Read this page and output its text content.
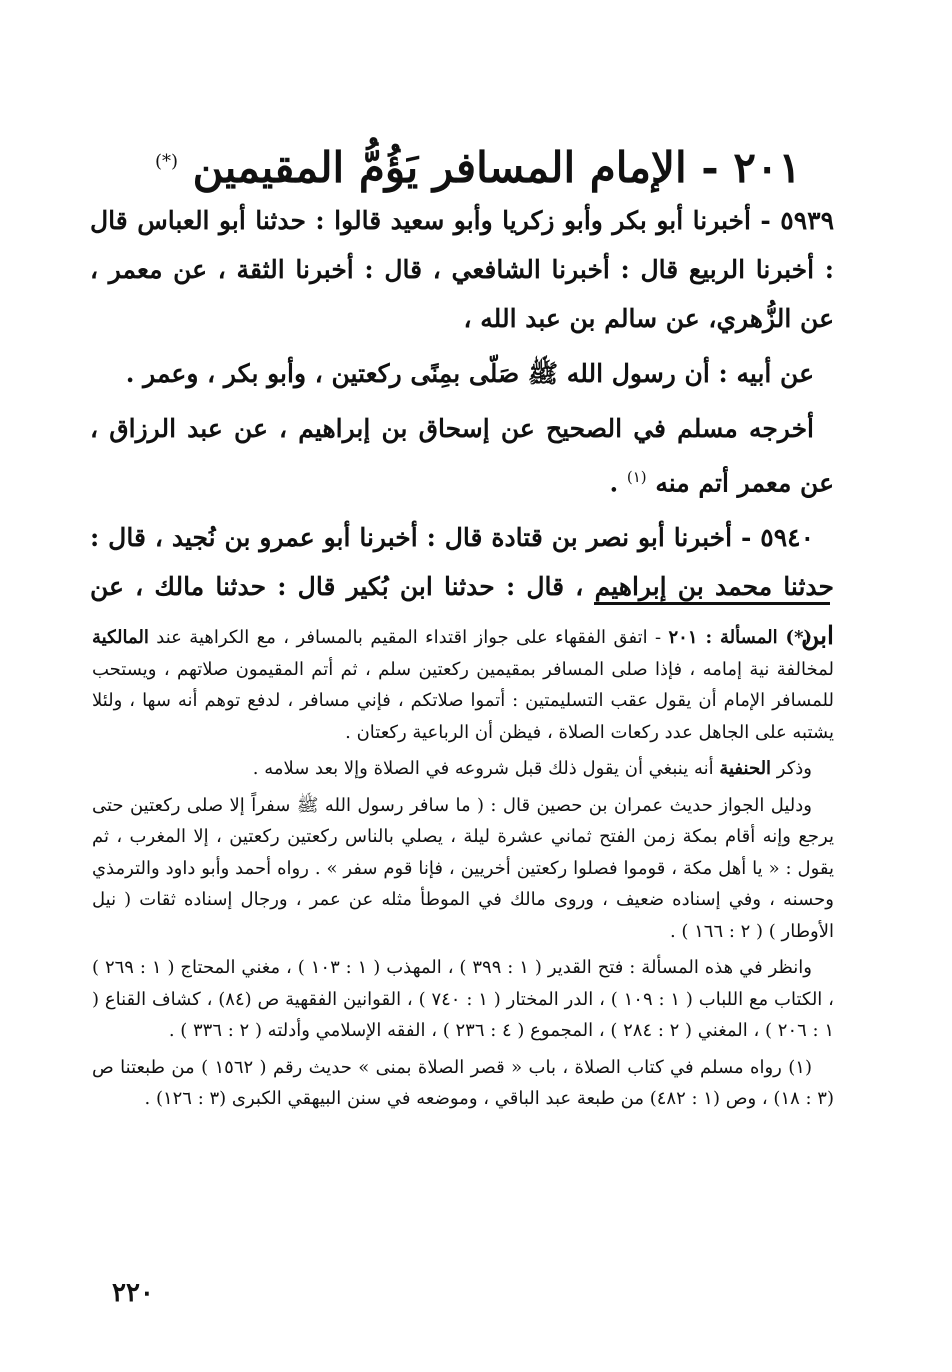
٢٠١ - الإمام المسافر يَؤُمُّ المقيمين (*)

٥٩٣٩ - أخبرنا أبو بكر وأبو زكريا وأبو سعيد قالوا : حدثنا أبو العباس قال : أخبرنا الربيع قال : أخبرنا الشافعي ، قال : أخبرنا الثقة ، عن معمر ، عن الزُّهري، عن سالم بن عبد الله ،

عن أبيه : أن رسول الله ﷺ صَلّى بمِنًى ركعتين ، وأبو بكر ، وعمر .

أخرجه مسلم في الصحيح عن إسحاق بن إبراهيم ، عن عبد الرزاق ، عن معمر أتم منه $^{(١)}$ .

٥٩٤٠ - أخبرنا أبو نصر بن قتادة قال : أخبرنا أبو عمرو بن نُجيد ، قال : حدثنا محمد بن إبراهيم ، قال : حدثنا ابن بُكير قال : حدثنا مالك ، عن ابن

(*) المسألة : ٢٠١ - اتفق الفقهاء على جواز اقتداء المقيم بالمسافر ، مع الكراهية عند المالكية لمخالفة نية إمامه ، فإذا صلى المسافر بمقيمين ركعتين سلم ، ثم أتم المقيمون صلاتهم ، ويستحب للمسافر الإمام أن يقول عقب التسليمتين : أتموا صلاتكم ، فإني مسافر ، لدفع توهم أنه سها ، ولئلا يشتبه على الجاهل عدد ركعات الصلاة ، فيظن أن الرباعية ركعتان .

وذكر الحنفية أنه ينبغي أن يقول ذلك قبل شروعه في الصلاة وإلا بعد سلامه .

ودليل الجواز حديث عمران بن حصين قال : ( ما سافر رسول الله ﷺ سفراً إلا صلى ركعتين حتى يرجع وإنه أقام بمكة زمن الفتح ثماني عشرة ليلة ، يصلي بالناس ركعتين ركعتين ، إلا المغرب ، ثم يقول : « يا أهل مكة ، قوموا فصلوا ركعتين أخريين ، فإنا قوم سفر » . رواه أحمد وأبو داود والترمذي وحسنه ، وفي إسناده ضعيف ، وروى مالك في الموطأ مثله عن عمر ، ورجال إسناده ثقات ( نيل الأوطار ) ( ٢ : ١٦٦ ) .

وانظر في هذه المسألة : فتح القدير ( ١ : ٣٩٩ ) ، المهذب ( ١ : ١٠٣ ) ، مغني المحتاج ( ١ : ٢٦٩ ) ، الكتاب مع اللباب ( ١ : ١٠٩ ) ، الدر المختار ( ١ : ٧٤٠ ) ، القوانين الفقهية ص (٨٤) ، كشاف القناع ( ١ : ٢٠٦ ) ، المغني ( ٢ : ٢٨٤ ) ، المجموع ( ٤ : ٢٣٦ ) ، الفقه الإسلامي وأدلته ( ٢ : ٣٣٦ ) .

(١) رواه مسلم في كتاب الصلاة ، باب « قصر الصلاة بمنى » حديث رقم ( ١٥٦٢ ) من طبعتنا ص (٣ : ١٨) ، وص (١ : ٤٨٢) من طبعة عبد الباقي ، وموضعه في سنن البيهقي الكبرى (٣ : ١٢٦) .

٢٢٠
